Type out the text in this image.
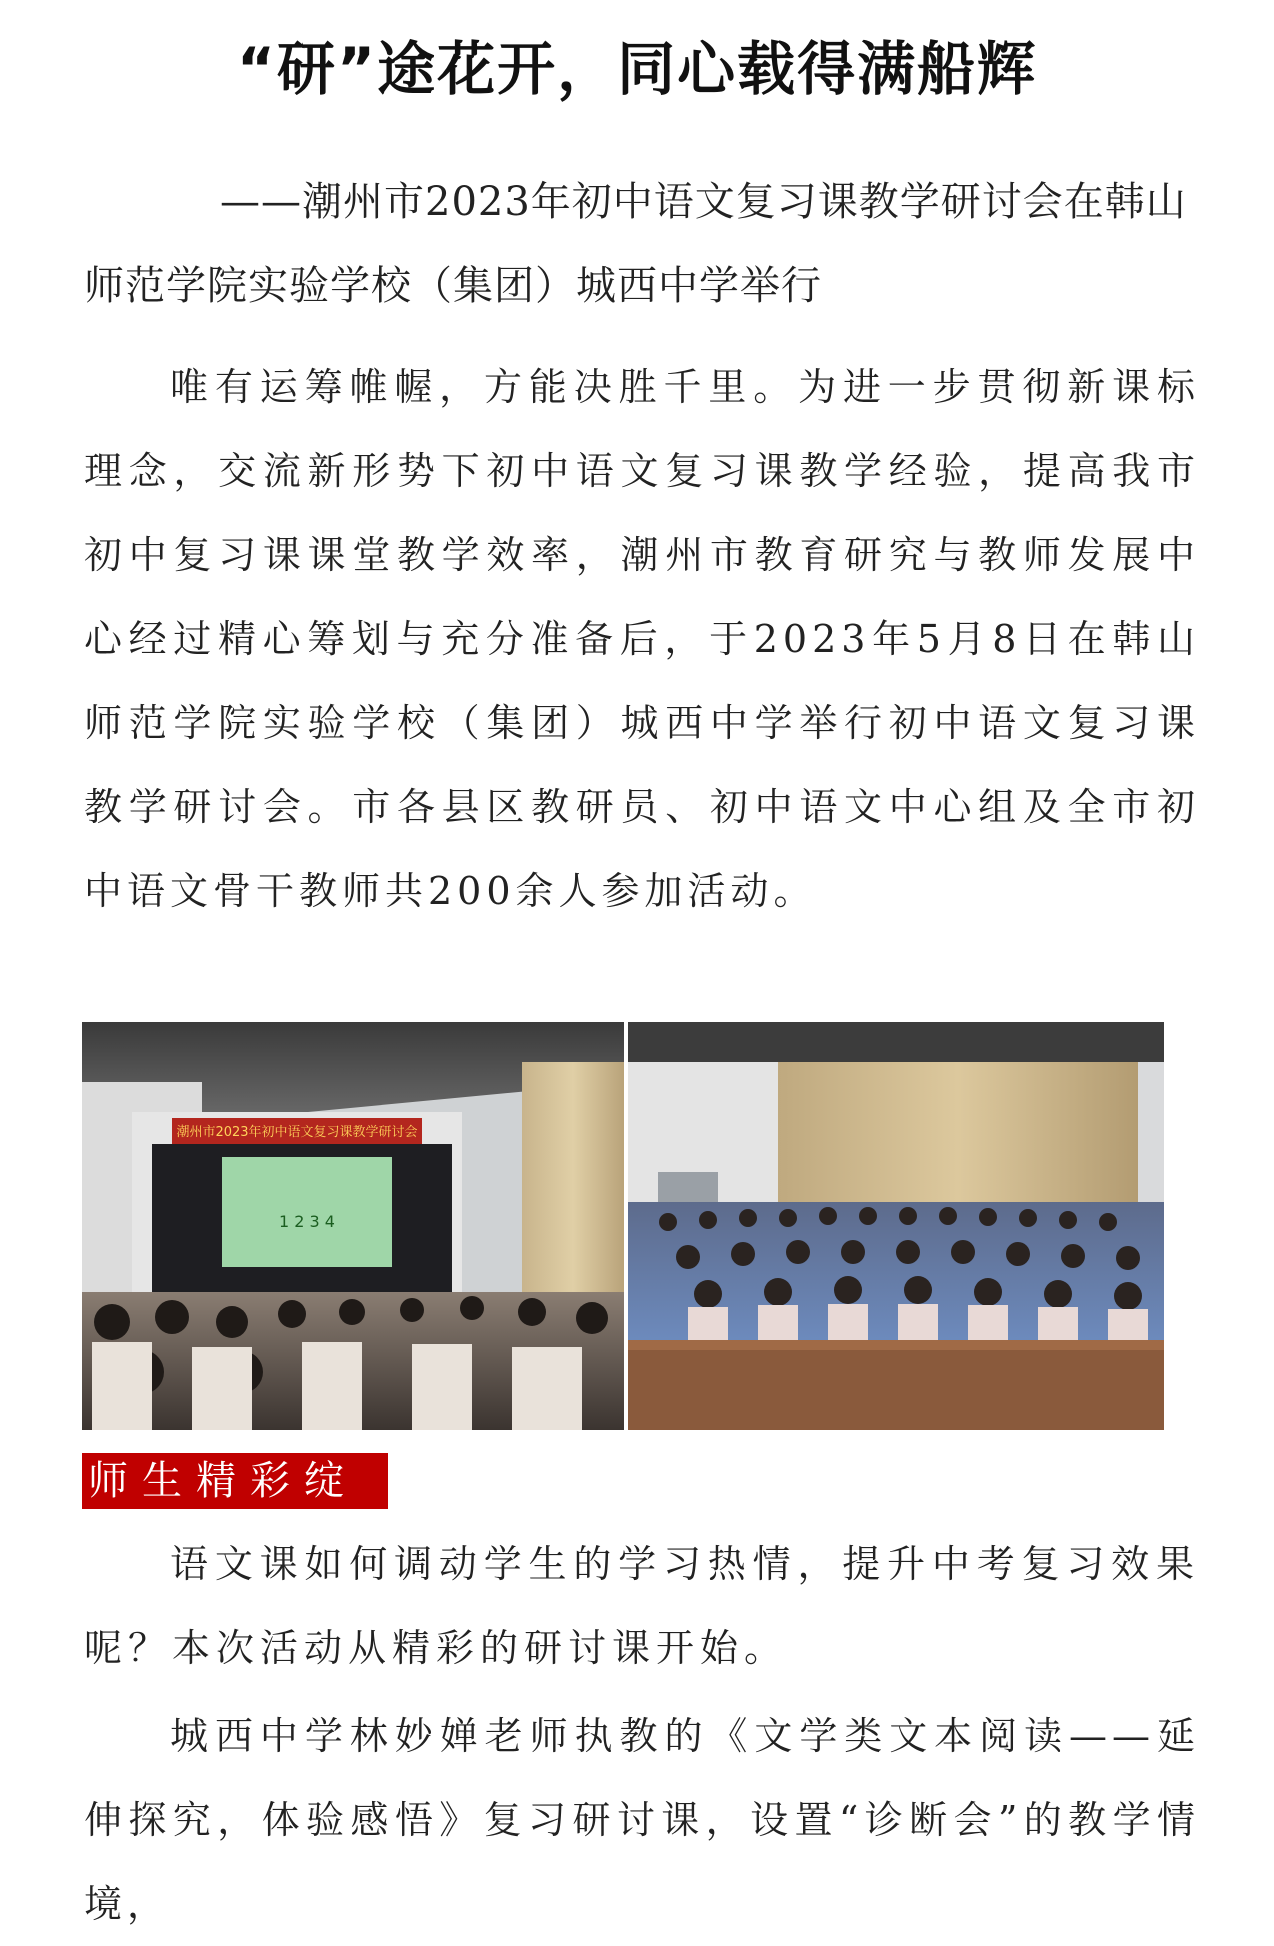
“研”途花开，同心载得满船辉

——潮州市2023年初中语文复习课教学研讨会在韩山师范学院实验学校（集团）城西中学举行

唯有运筹帷幄，方能决胜千里。为进一步贯彻新课标理念，交流新形势下初中语文复习课教学经验，提高我市初中复习课课堂教学效率，潮州市教育研究与教师发展中心经过精心筹划与充分准备后，于2023年5月8日在韩山师范学院实验学校（集团）城西中学举行初中语文复习课教学研讨会。市各县区教研员、初中语文中心组及全市初中语文骨干教师共200余人参加活动。

潮州市2023年初中语文复习课教学研讨会
1 2 3 4
师生精彩绽放

语文课如何调动学生的学习热情，提升中考复习效果呢？本次活动从精彩的研讨课开始。

城西中学林妙婵老师执教的《文学类文本阅读——延伸探究，体验感悟》复习研讨课，设置“诊断会”的教学情境，
